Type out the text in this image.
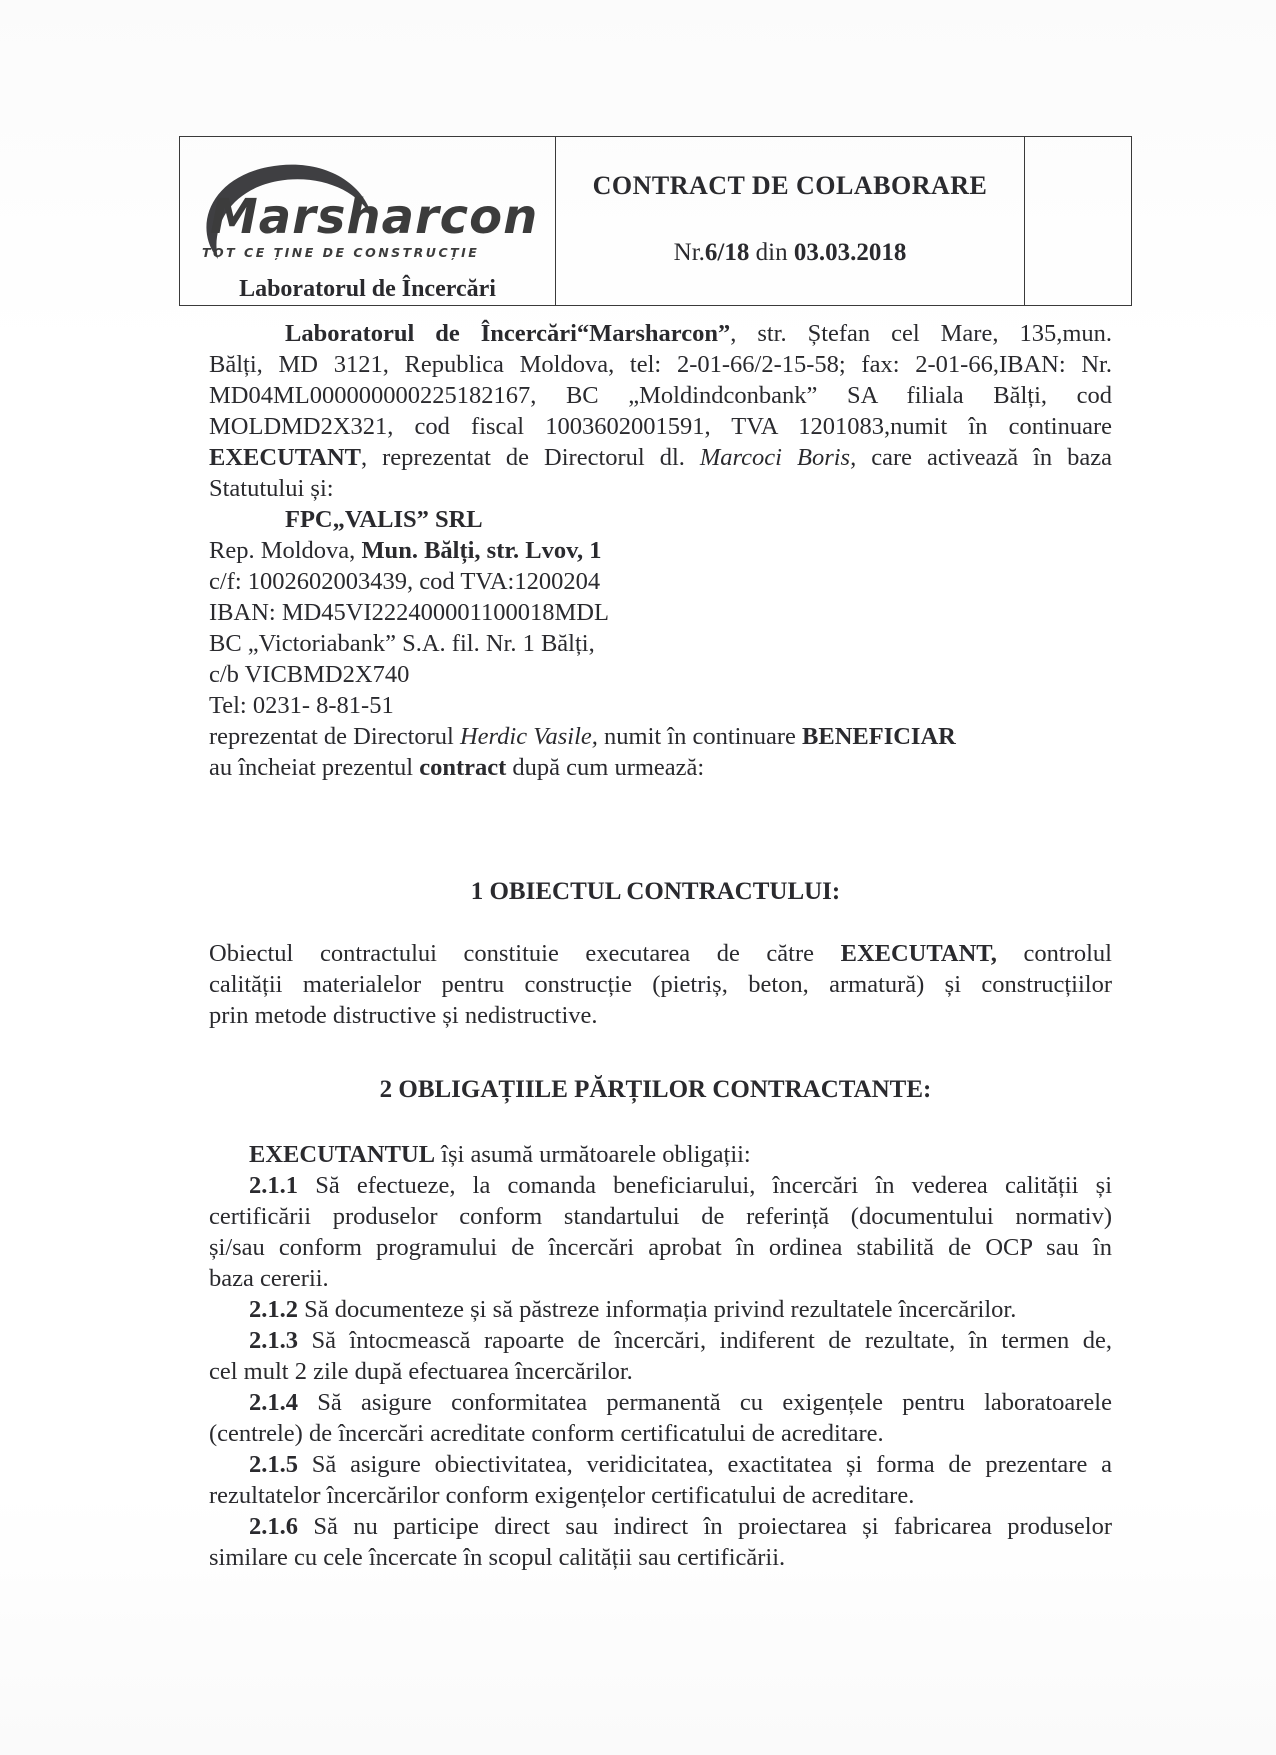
Marsharcon
TOT CE ȚINE DE CONSTRUCȚIE
Laboratorul de Încercări
CONTRACT DE COLABORARE
Nr.6/18 din 03.03.2018
Laboratorul de Încercări“Marsharcon”, str. Ștefan cel Mare, 135,mun.
Bălți, MD 3121, Republica Moldova, tel: 2-01-66/2-15-58; fax: 2-01-66,IBAN: Nr.
MD04ML000000000225182167, BC „Moldindconbank” SA filiala Bălți, cod
MOLDMD2X321, cod fiscal 1003602001591, TVA 1201083,numit în continuare
EXECUTANT, reprezentat de Directorul dl. Marcoci Boris, care activează în baza
Statutului și:
FPC„VALIS” SRL
Rep. Moldova, Mun. Bălți, str. Lvov, 1
c/f: 1002602003439, cod TVA:1200204
IBAN: MD45VI222400001100018MDL
BC „Victoriabank” S.A. fil. Nr. 1 Bălți,
c/b VICBMD2X740
Tel: 0231- 8-81-51
reprezentat de Directorul Herdic Vasile, numit în continuare BENEFICIAR
au încheiat prezentul contract după cum urmează:
1 OBIECTUL CONTRACTULUI:
Obiectul contractului constituie executarea de către EXECUTANT, controlul
calității materialelor pentru construcție (pietriș, beton, armatură) și construcțiilor
prin metode distructive și nedistructive.
2 OBLIGAȚIILE PĂRȚILOR CONTRACTANTE:
EXECUTANTUL își asumă următoarele obligații:
2.1.1 Să efectueze, la comanda beneficiarului, încercări în vederea calității și
certificării produselor conform standartului de referință (documentului normativ)
și/sau conform programului de încercări aprobat în ordinea stabilită de OCP sau în
baza cererii.
2.1.2 Să documenteze și să păstreze informația privind rezultatele încercărilor.
2.1.3 Să întocmească rapoarte de încercări, indiferent de rezultate, în termen de,
cel mult 2 zile după efectuarea încercărilor.
2.1.4 Să asigure conformitatea permanentă cu exigențele pentru laboratoarele
(centrele) de încercări acreditate conform certificatului de acreditare.
2.1.5 Să asigure obiectivitatea, veridicitatea, exactitatea și forma de prezentare a
rezultatelor încercărilor conform exigențelor certificatului de acreditare.
2.1.6 Să nu participe direct sau indirect în proiectarea și fabricarea produselor
similare cu cele încercate în scopul calității sau certificării.
